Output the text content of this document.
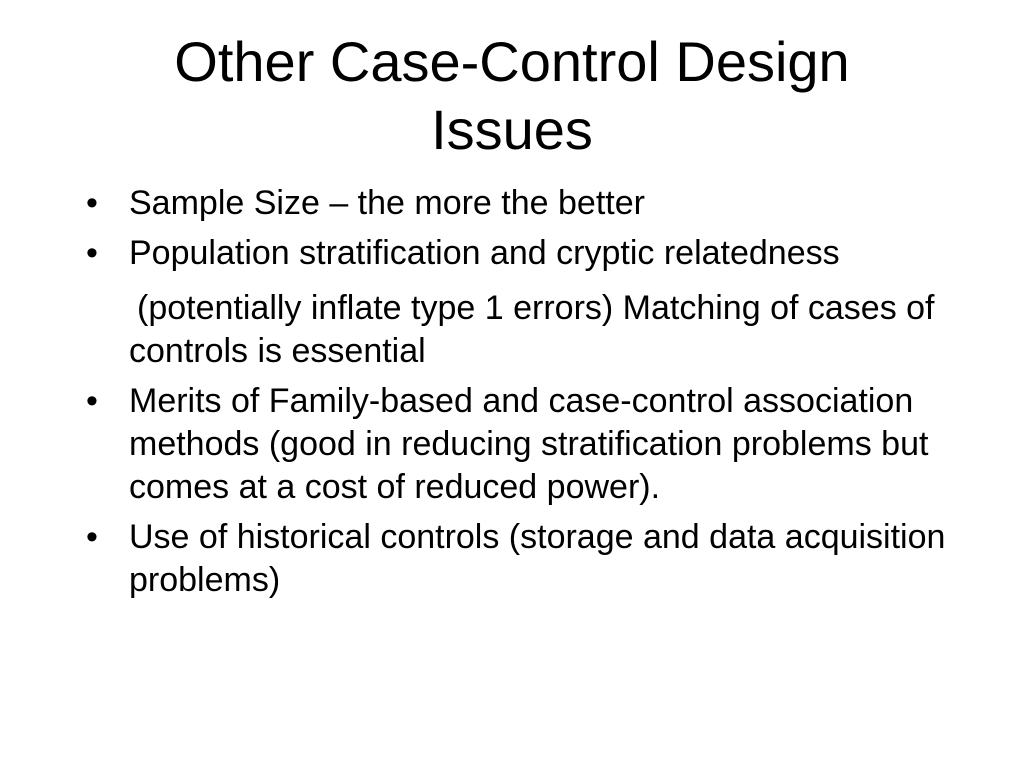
Other Case-Control Design
Issues
• Sample Size – the more the better
• Population stratification and cryptic relatedness
(potentially inflate type 1 errors) Matching of cases of controls is essential
• Merits of Family-based and case-control association methods (good in reducing stratification problems but comes at a cost of reduced power).
• Use of historical controls (storage and data acquisition problems)
